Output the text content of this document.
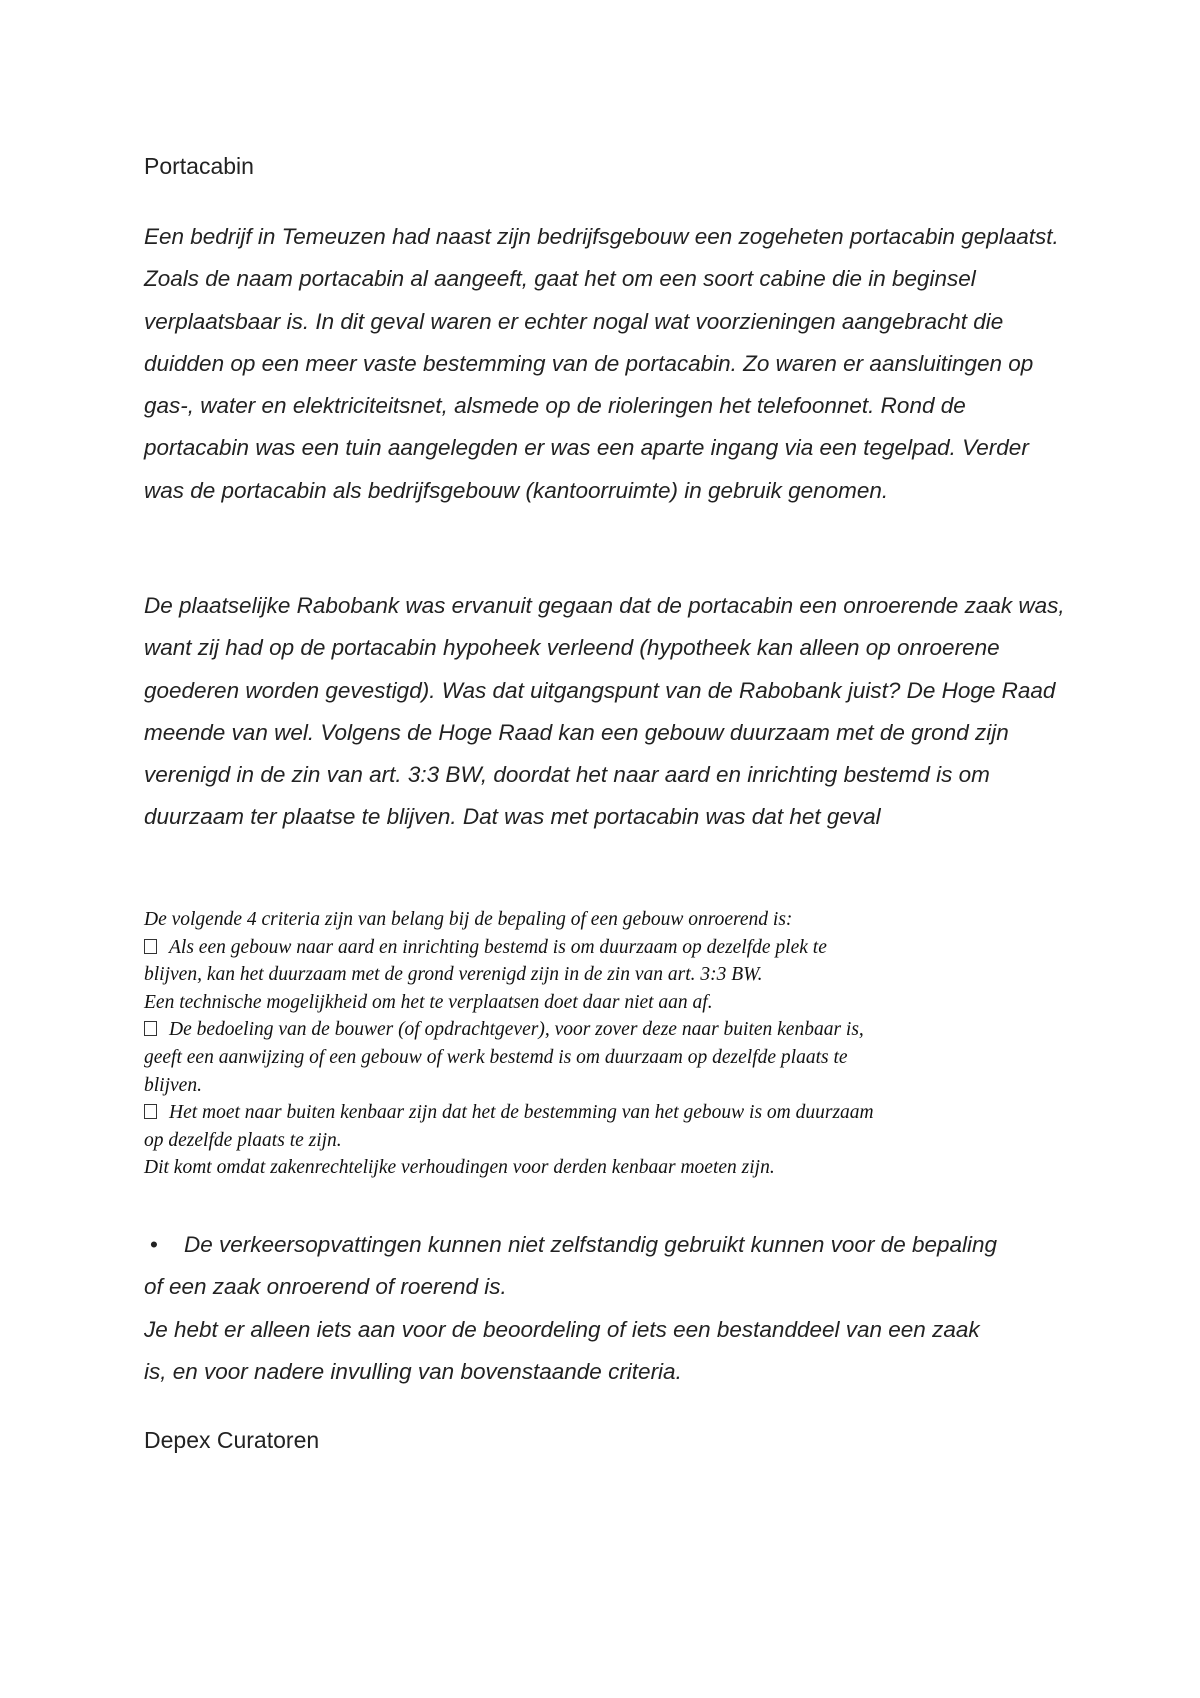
Portacabin

Een bedrijf in Temeuzen had naast zijn bedrijfsgebouw een zogeheten portacabin geplaatst. Zoals de naam portacabin al aangeeft, gaat het om een soort cabine die in beginsel verplaatsbaar is. In dit geval waren er echter nogal wat voorzieningen aangebracht die duidden op een meer vaste bestemming van de portacabin. Zo waren er aansluitingen op gas-, water en elektriciteitsnet, alsmede op de rioleringen het telefoonnet. Rond de portacabin was een tuin aangelegden er was een aparte ingang via een tegelpad. Verder was de portacabin als bedrijfsgebouw (kantoorruimte) in gebruik genomen.

De plaatselijke Rabobank was ervanuit gegaan dat de portacabin een onroerende zaak was, want zij had op de portacabin hypoheek verleend (hypotheek kan alleen op onroerene goederen worden gevestigd). Was dat uitgangspunt van de Rabobank juist? De Hoge Raad meende van wel. Volgens de Hoge Raad kan een gebouw duurzaam met de grond zijn verenigd in de zin van art. 3:3 BW, doordat het naar aard en inrichting bestemd is om duurzaam ter plaatse te blijven. Dat was met portacabin was dat het geval

De volgende 4 criteria zijn van belang bij de bepaling of een gebouw onroerend is:
Als een gebouw naar aard en inrichting bestemd is om duurzaam op dezelfde plek te
blijven, kan het duurzaam met de grond verenigd zijn in de zin van art. 3:3 BW.
Een technische mogelijkheid om het te verplaatsen doet daar niet aan af.
De bedoeling van de bouwer (of opdrachtgever), voor zover deze naar buiten kenbaar is,
geeft een aanwijzing of een gebouw of werk bestemd is om duurzaam op dezelfde plaats te
blijven.
Het moet naar buiten kenbaar zijn dat het de bestemming van het gebouw is om duurzaam
op dezelfde plaats te zijn.
Dit komt omdat zakenrechtelijke verhoudingen voor derden kenbaar moeten zijn.
• De verkeersopvattingen kunnen niet zelfstandig gebruikt kunnen voor de bepaling
of een zaak onroerend of roerend is.
Je hebt er alleen iets aan voor de beoordeling of iets een bestanddeel van een zaak
is, en voor nadere invulling van bovenstaande criteria.

Depex Curatoren
